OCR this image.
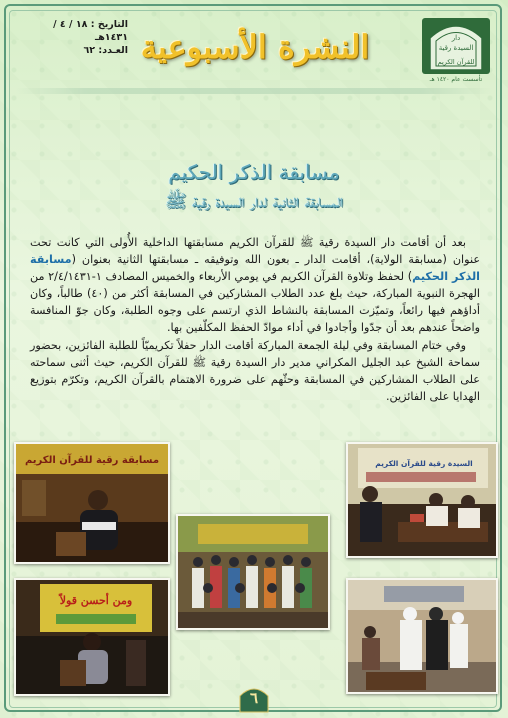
دار
السيدة رقية
للقرآن الكريم
تأسست عام ١٤٢٠ هـ
النشرة الأسبوعية
التاريخ : ١٨ / ٤ / ١٤٣١هـ
العـدد: ٦٢
مسابقة الذكر الحكيم
المسابقة الثانية لدار السيدة رقية ﷺ

بعد أن أقامت دار السيدة رقية ﷺ للقرآن الكريم مسابقتها الداخلية الأُولى التي كانت تحت عنوان (مسابقة الولاية)، أقامت الدار ـ بعون الله وتوفيقه ـ مسابقتها الثانية بعنوان (مسابقة الذكر الحكيم) لحفظ وتلاوة القرآن الكريم في يومي الأربعاء والخميس المصادف ١-٢/٤/١٤٣١ من الهجرة النبوية المباركة، حيث بلغ عدد الطلاب المشاركين في المسابقة أكثر من (٤٠) طالباً، وكان أداؤهم فيها رائعاً، وتميّزت المسابقة بالنشاط الذي ارتسم على وجوه الطلبة، وكان جوّ المنافسة واضحاً عندهم بعد أن جدّوا وأجادوا في أداء موادّ الحفظ المكلّفين بها.

وفي ختام المسابقة وفي ليلة الجمعة المباركة أقامت الدار حفلاً تكريميّاً للطلبة الفائزين، بحضور سماحة الشيخ عبد الجليل المكراني مدير دار السيدة رقية ﷺ للقرآن الكريم، حيث أثنى سماحته على الطلاب المشاركين في المسابقة وحثّهم على ضرورة الاهتمام بالقرآن الكريم، وتكرّم بتوزيع الهدايا على الفائزين.

مسابقة رقية للقرآن الكريم	السيدة رقية للقرآن الكريم
ومن أحسن قولاً
٦
